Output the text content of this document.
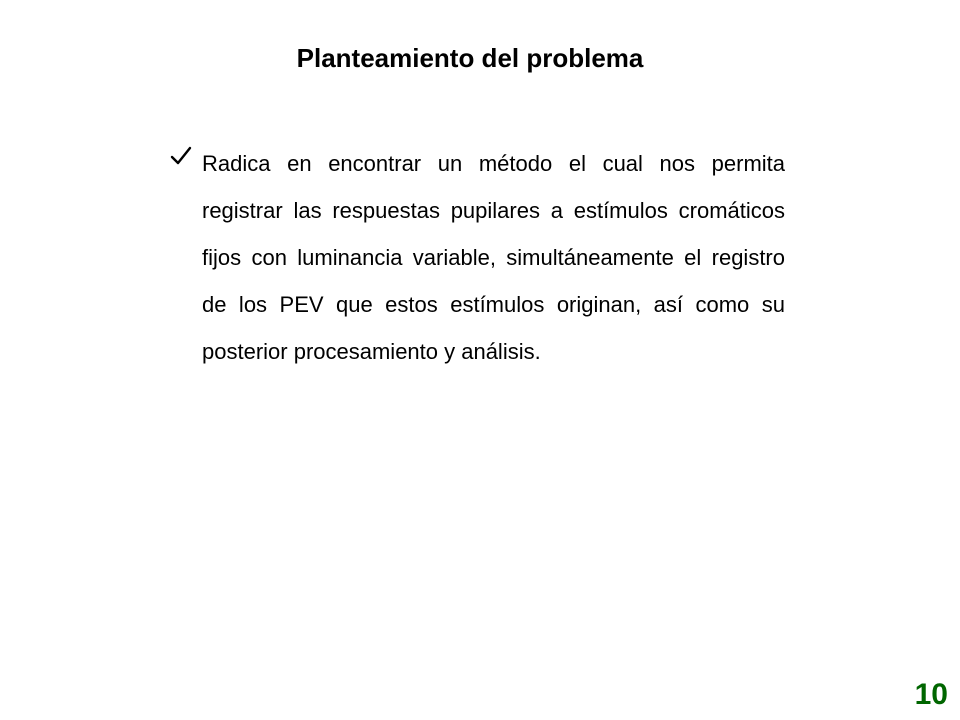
Planteamiento del problema
Radica en encontrar un método el cual nos permita registrar las respuestas pupilares a estímulos cromáticos fijos con luminancia variable, simultáneamente el registro de los PEV que estos estímulos originan, así como su posterior procesamiento y análisis.
10
